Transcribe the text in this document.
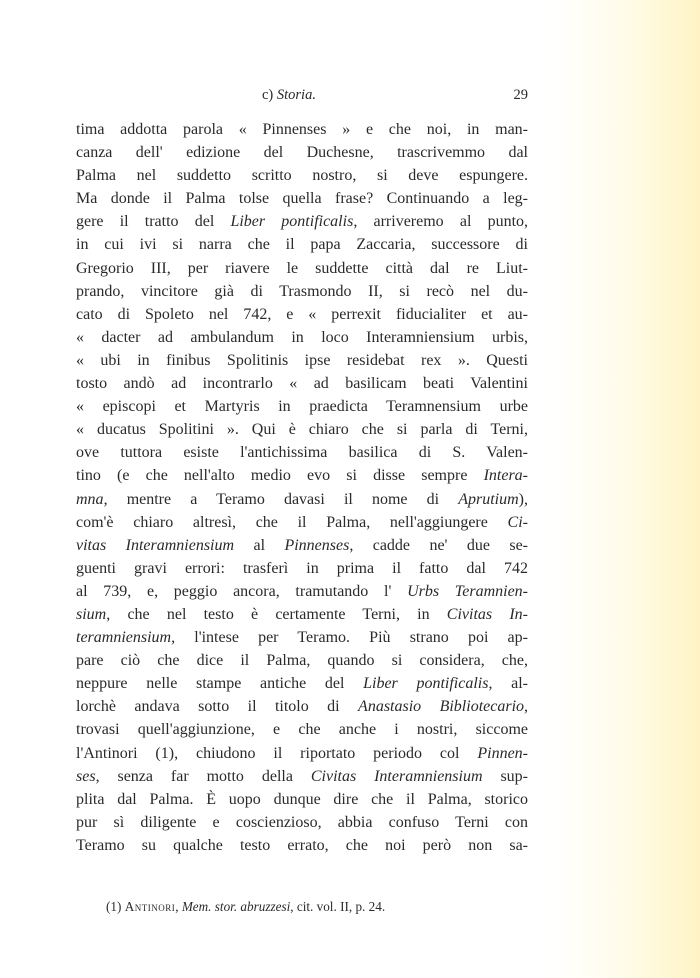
c) Storia.	29
tima addotta parola « Pinnenses » e che noi, in man-
canza dell' edizione del Duchesne, trascrivemmo dal
Palma nel suddetto scritto nostro, si deve espungere.
Ma donde il Palma tolse quella frase? Continuando a leg-
gere il tratto del Liber pontificalis, arriveremo al punto,
in cui ivi si narra che il papa Zaccaria, successore di
Gregorio III, per riavere le suddette città dal re Liut-
prando, vincitore già di Trasmondo II, si recò nel du-
cato di Spoleto nel 742, e « perrexit fiducialiter et au-
« dacter ad ambulandum in loco Interamniensium urbis,
« ubi in finibus Spolitinis ipse residebat rex ». Questi
tosto andò ad incontrarlo « ad basilicam beati Valentini
« episcopi et Martyris in praedicta Teramnensium urbe
« ducatus Spolitini ». Qui è chiaro che si parla di Terni,
ove tuttora esiste l'antichissima basilica di S. Valen-
tino (e che nell'alto medio evo si disse sempre Intera-
mna, mentre a Teramo davasi il nome di Aprutium),
com'è chiaro altresì, che il Palma, nell'aggiungere Ci-
vitas Interamniensium al Pinnenses, cadde ne' due se-
guenti gravi errori: trasferì in prima il fatto dal 742
al 739, e, peggio ancora, tramutando l' Urbs Teramnien-
sium, che nel testo è certamente Terni, in Civitas In-
teramniensium, l'intese per Teramo. Più strano poi ap-
pare ciò che dice il Palma, quando si considera, che,
neppure nelle stampe antiche del Liber pontificalis, al-
lorchè andava sotto il titolo di Anastasio Bibliotecario,
trovasi quell'aggiunzione, e che anche i nostri, siccome
l'Antinori (1), chiudono il riportato periodo col Pinnen-
ses, senza far motto della Civitas Interamniensium sup-
plita dal Palma. È uopo dunque dire che il Palma, storico
pur sì diligente e coscienzioso, abbia confuso Terni con
Teramo su qualche testo errato, che noi però non sa-
(1) Antinori, Mem. stor. abruzzesi, cit. vol. II, p. 24.
